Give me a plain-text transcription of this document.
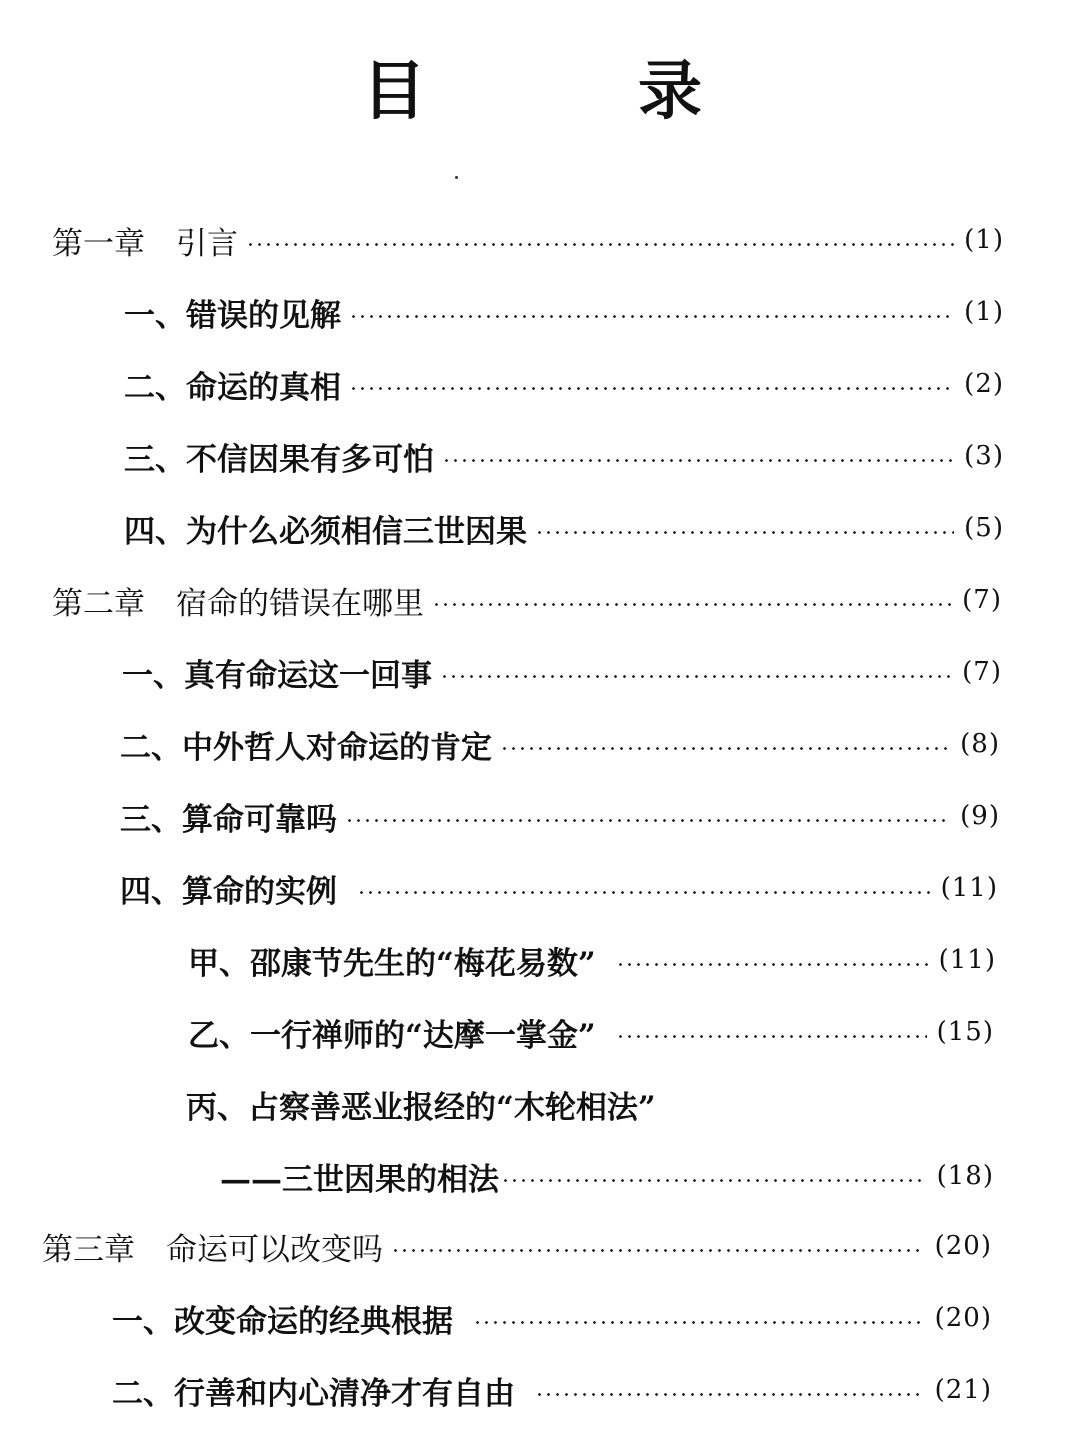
目	录
第一章　引言	(1)
一、错误的见解	(1)
二、命运的真相	(2)
三、不信因果有多可怕	(3)
四、为什么必须相信三世因果	(5)
第二章　宿命的错误在哪里	(7)
一、真有命运这一回事	(7)
二、中外哲人对命运的肯定	(8)
三、算命可靠吗	(9)
四、算命的实例	(11)
甲、邵康节先生的“梅花易数”	(11)
乙、一行禅师的“达摩一掌金”	(15)
丙、占察善恶业报经的“木轮相法”
——三世因果的相法	(18)
第三章　命运可以改变吗	(20)
一、改变命运的经典根据	(20)
二、行善和内心清净才有自由	(21)
